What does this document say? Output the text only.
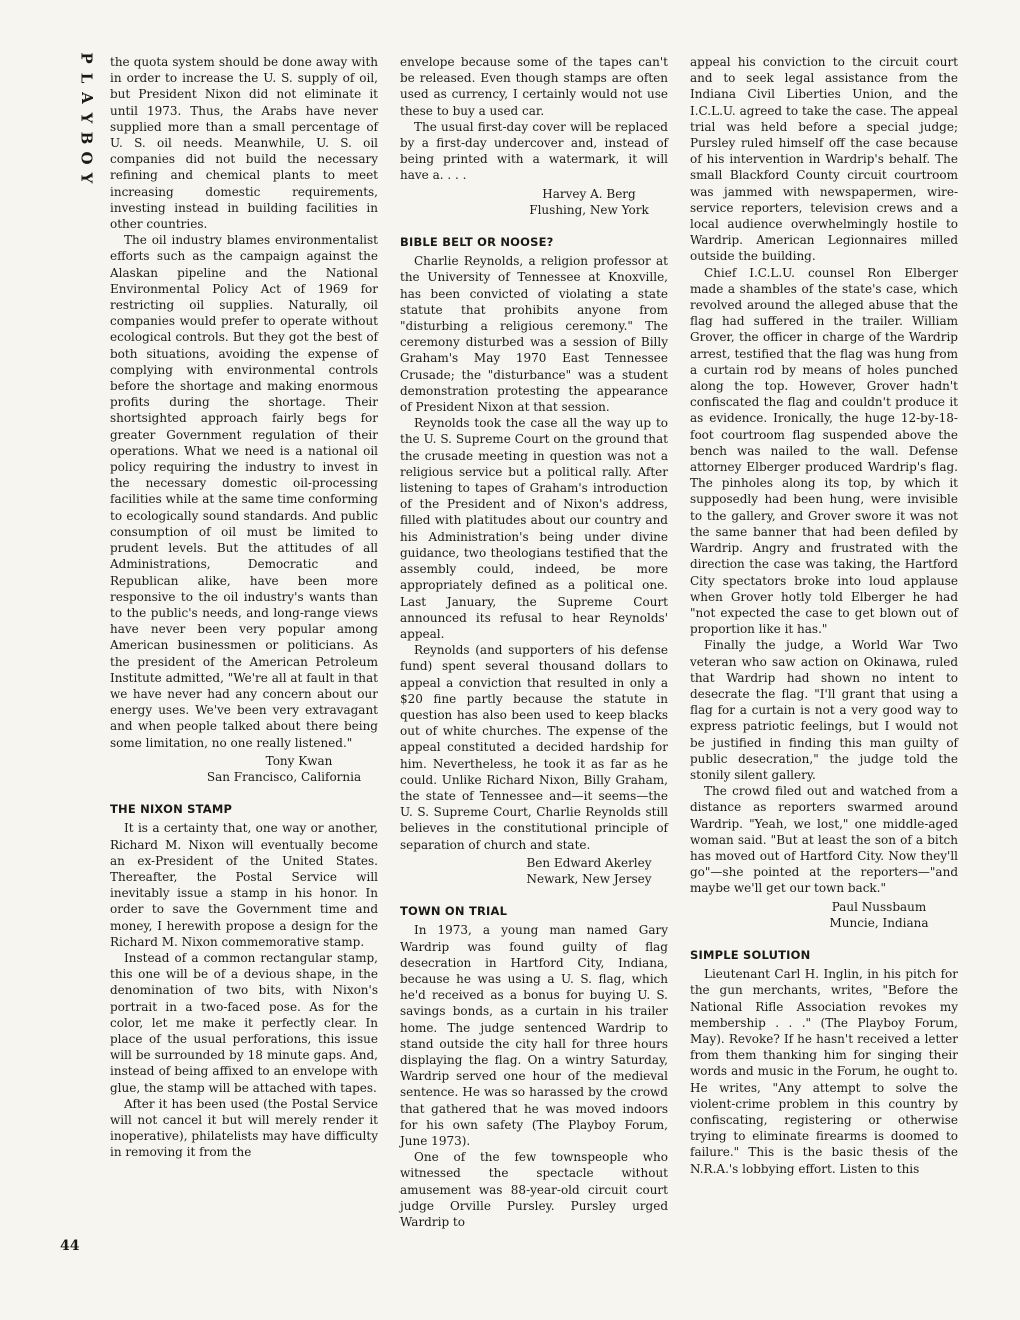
P
L
A
Y
B
O
Y
44

the quota system should be done away with in order to increase the U. S. supply of oil, but President Nixon did not eliminate it until 1973. Thus, the Arabs have never supplied more than a small percentage of U. S. oil needs. Meanwhile, U. S. oil companies did not build the necessary refining and chemical plants to meet increasing domestic requirements, investing instead in building facilities in other countries.

The oil industry blames environmentalist efforts such as the campaign against the Alaskan pipeline and the National Environmental Policy Act of 1969 for restricting oil supplies. Naturally, oil companies would prefer to operate without ecological controls. But they got the best of both situations, avoiding the expense of complying with environmental controls before the shortage and making enormous profits during the shortage. Their shortsighted approach fairly begs for greater Government regulation of their operations. What we need is a national oil policy requiring the industry to invest in the necessary domestic oil-processing facilities while at the same time conforming to ecologically sound standards. And public consumption of oil must be limited to prudent levels. But the attitudes of all Administrations, Democratic and Republican alike, have been more responsive to the oil industry's wants than to the public's needs, and long-range views have never been very popular among American businessmen or politicians. As the president of the American Petroleum Institute admitted, "We're all at fault in that we have never had any concern about our energy uses. We've been very extravagant and when people talked about there being some limitation, no one really listened."

Tony Kwan
San Francisco, California
THE NIXON STAMP

It is a certainty that, one way or another, Richard M. Nixon will eventually become an ex-President of the United States. Thereafter, the Postal Service will inevitably issue a stamp in his honor. In order to save the Government time and money, I herewith propose a design for the Richard M. Nixon commemorative stamp.

Instead of a common rectangular stamp, this one will be of a devious shape, in the denomination of two bits, with Nixon's portrait in a two-faced pose. As for the color, let me make it perfectly clear. In place of the usual perforations, this issue will be surrounded by 18 minute gaps. And, instead of being affixed to an envelope with glue, the stamp will be attached with tapes.

After it has been used (the Postal Service will not cancel it but will merely render it inoperative), philatelists may have difficulty in removing it from the

envelope because some of the tapes can't be released. Even though stamps are often used as currency, I certainly would not use these to buy a used car.

The usual first-day cover will be replaced by a first-day undercover and, instead of being printed with a watermark, it will have a. . . .

Harvey A. Berg
Flushing, New York
BIBLE BELT OR NOOSE?

Charlie Reynolds, a religion professor at the University of Tennessee at Knoxville, has been convicted of violating a state statute that prohibits anyone from "disturbing a religious ceremony." The ceremony disturbed was a session of Billy Graham's May 1970 East Tennessee Crusade; the "disturbance" was a student demonstration protesting the appearance of President Nixon at that session.

Reynolds took the case all the way up to the U. S. Supreme Court on the ground that the crusade meeting in question was not a religious service but a political rally. After listening to tapes of Graham's introduction of the President and of Nixon's address, filled with platitudes about our country and his Administration's being under divine guidance, two theologians testified that the assembly could, indeed, be more appropriately defined as a political one. Last January, the Supreme Court announced its refusal to hear Reynolds' appeal.

Reynolds (and supporters of his defense fund) spent several thousand dollars to appeal a conviction that resulted in only a $20 fine partly because the statute in question has also been used to keep blacks out of white churches. The expense of the appeal constituted a decided hardship for him. Nevertheless, he took it as far as he could. Unlike Richard Nixon, Billy Graham, the state of Tennessee and—it seems—the U. S. Supreme Court, Charlie Reynolds still believes in the constitutional principle of separation of church and state.

Ben Edward Akerley
Newark, New Jersey
TOWN ON TRIAL

In 1973, a young man named Gary Wardrip was found guilty of flag desecration in Hartford City, Indiana, because he was using a U. S. flag, which he'd received as a bonus for buying U. S. savings bonds, as a curtain in his trailer home. The judge sentenced Wardrip to stand outside the city hall for three hours displaying the flag. On a wintry Saturday, Wardrip served one hour of the medieval sentence. He was so harassed by the crowd that gathered that he was moved indoors for his own safety (The Playboy Forum, June 1973).

One of the few townspeople who witnessed the spectacle without amusement was 88-year-old circuit court judge Orville Pursley. Pursley urged Wardrip to

appeal his conviction to the circuit court and to seek legal assistance from the Indiana Civil Liberties Union, and the I.C.L.U. agreed to take the case. The appeal trial was held before a special judge; Pursley ruled himself off the case because of his intervention in Wardrip's behalf. The small Blackford County circuit courtroom was jammed with newspapermen, wire-service reporters, television crews and a local audience overwhelmingly hostile to Wardrip. American Legionnaires milled outside the building.

Chief I.C.L.U. counsel Ron Elberger made a shambles of the state's case, which revolved around the alleged abuse that the flag had suffered in the trailer. William Grover, the officer in charge of the Wardrip arrest, testified that the flag was hung from a curtain rod by means of holes punched along the top. However, Grover hadn't confiscated the flag and couldn't produce it as evidence. Ironically, the huge 12-by-18-foot courtroom flag suspended above the bench was nailed to the wall. Defense attorney Elberger produced Wardrip's flag. The pinholes along its top, by which it supposedly had been hung, were invisible to the gallery, and Grover swore it was not the same banner that had been defiled by Wardrip. Angry and frustrated with the direction the case was taking, the Hartford City spectators broke into loud applause when Grover hotly told Elberger he had "not expected the case to get blown out of proportion like it has."

Finally the judge, a World War Two veteran who saw action on Okinawa, ruled that Wardrip had shown no intent to desecrate the flag. "I'll grant that using a flag for a curtain is not a very good way to express patriotic feelings, but I would not be justified in finding this man guilty of public desecration," the judge told the stonily silent gallery.

The crowd filed out and watched from a distance as reporters swarmed around Wardrip. "Yeah, we lost," one middle-aged woman said. "But at least the son of a bitch has moved out of Hartford City. Now they'll go"—she pointed at the reporters—"and maybe we'll get our town back."

Paul Nussbaum
Muncie, Indiana
SIMPLE SOLUTION

Lieutenant Carl H. Inglin, in his pitch for the gun merchants, writes, "Before the National Rifle Association revokes my membership . . ." (The Playboy Forum, May). Revoke? If he hasn't received a letter from them thanking him for singing their words and music in the Forum, he ought to. He writes, "Any attempt to solve the violent-crime problem in this country by confiscating, registering or otherwise trying to eliminate firearms is doomed to failure." This is the basic thesis of the N.R.A.'s lobbying effort. Listen to this
